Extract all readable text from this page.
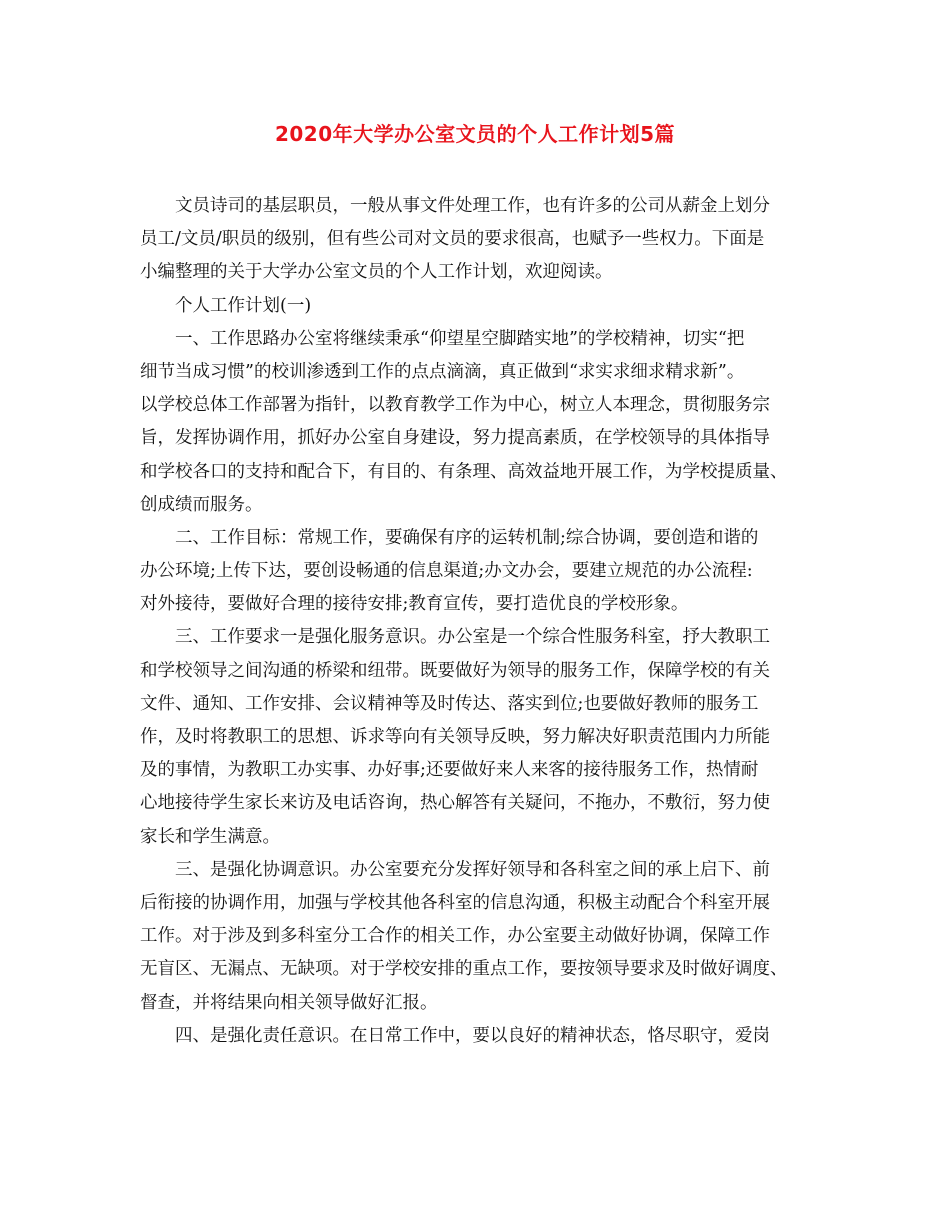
2020年大学办公室文员的个人工作计划5篇

文员诗司的基层职员，一般从事文件处理工作，也有许多的公司从薪金上划分

员工/文员/职员的级别，但有些公司对文员的要求很高，也赋予一些权力。下面是

小编整理的关于大学办公室文员的个人工作计划，欢迎阅读。

个人工作计划(一)

一、工作思路办公室将继续秉承“仰望星空脚踏实地”的学校精神，切实“把

细节当成习惯”的校训渗透到工作的点点滴滴，真正做到“求实求细求精求新”。

以学校总体工作部署为指针，以教育教学工作为中心，树立人本理念，贯彻服务宗

旨，发挥协调作用，抓好办公室自身建设，努力提高素质，在学校领导的具体指导

和学校各口的支持和配合下，有目的、有条理、高效益地开展工作，为学校提质量、

创成绩而服务。

二、工作目标：常规工作，要确保有序的运转机制;综合协调，要创造和谐的

办公环境;上传下达，要创设畅通的信息渠道;办文办会，要建立规范的办公流程:

对外接待，要做好合理的接待安排;教育宣传，要打造优良的学校形象。

三、工作要求一是强化服务意识。办公室是一个综合性服务科室，抒大教职工

和学校领导之间沟通的桥梁和纽带。既要做好为领导的服务工作，保障学校的有关

文件、通知、工作安排、会议精神等及时传达、落实到位;也要做好教师的服务工

作，及时将教职工的思想、诉求等向有关领导反映，努力解决好职责范围内力所能

及的事情，为教职工办实事、办好事;还要做好来人来客的接待服务工作，热情耐

心地接待学生家长来访及电话咨询，热心解答有关疑问，不拖办，不敷衍，努力使

家长和学生满意。

三、是强化协调意识。办公室要充分发挥好领导和各科室之间的承上启下、前

后衔接的协调作用，加强与学校其他各科室的信息沟通，积极主动配合个科室开展

工作。对于涉及到多科室分工合作的相关工作，办公室要主动做好协调，保障工作

无盲区、无漏点、无缺项。对于学校安排的重点工作，要按领导要求及时做好调度、

督查，并将结果向相关领导做好汇报。

四、是强化责任意识。在日常工作中，要以良好的精神状态，恪尽职守，爱岗
